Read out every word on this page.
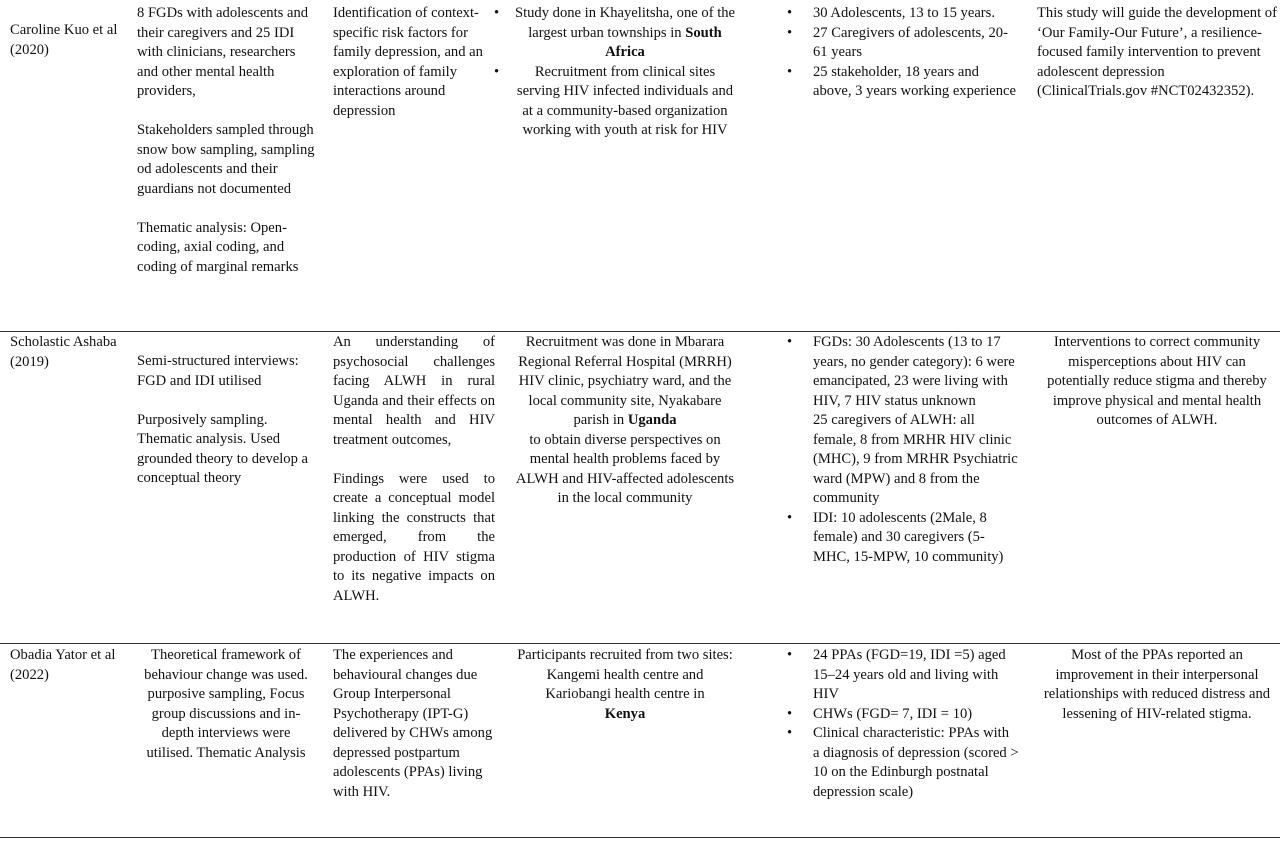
Caroline Kuo et al (2020)

8 FGDs with adolescents and their caregivers and 25 IDI with clinicians, researchers and other mental health providers,

Stakeholders sampled through snow bow sampling, sampling od adolescents and their guardians not documented

Thematic analysis: Open-coding, axial coding, and coding of marginal remarks

Identification of context-specific risk factors for family depression, and an exploration of family interactions around depression

• Study done in Khayelitsha, one of the largest urban townships in South Africa
• Recruitment from clinical sites serving HIV infected individuals and at a community-based organization working with youth at risk for HIV
• 30 Adolescents, 13 to 15 years.
• 27 Caregivers of adolescents, 20-61 years
• 25 stakeholder, 18 years and above, 3 years working experience

This study will guide the development of ‘Our Family-Our Future’, a resilience-focused family intervention to prevent adolescent depression (ClinicalTrials.gov #NCT02432352).

Scholastic Ashaba (2019)	Semi-structured interviews: FGD and IDI utilised

Purposively sampling. Thematic analysis. Used grounded theory to develop a conceptual theory

An understanding of psychosocial challenges facing ALWH in rural Uganda and their effects on mental health and HIV treatment outcomes,

Findings were used to create a conceptual model linking the constructs that emerged, from the production of HIV stigma to its negative impacts on ALWH.

Recruitment was done in Mbarara Regional Referral Hospital (MRRH) HIV clinic, psychiatry ward, and the local community site, Nyakabare parish in Uganda

to obtain diverse perspectives on

mental health problems faced by ALWH and HIV-affected adolescents in the local community

• FGDs: 30 Adolescents (13 to 17 years, no gender category): 6 were emancipated, 23 were living with HIV, 7 HIV status unknown
25 caregivers of ALWH: all female, 8 from MRHR HIV clinic (MHC), 9 from MRHR Psychiatric ward (MPW) and 8 from the community
• IDI: 10 adolescents (2Male, 8 female) and 30 caregivers (5-MHC, 15-MPW, 10 community)

Interventions to correct community misperceptions about HIV can potentially reduce stigma and thereby improve physical and mental health outcomes of ALWH.

Obadia Yator et al (2022)

Theoretical framework of behaviour change was used.

purposive sampling, Focus group discussions and in-depth interviews were utilised. Thematic Analysis

The experiences and behavioural changes due Group Interpersonal Psychotherapy (IPT-G) delivered by CHWs among depressed postpartum adolescents (PPAs) living with HIV.

Participants recruited from two sites: Kangemi health centre and Kariobangi health centre in
Kenya

• 24 PPAs (FGD=19, IDI =5) aged 15–24 years old and living with HIV
• CHWs (FGD= 7, IDI = 10)
• Clinical characteristic: PPAs with a diagnosis of depression (scored > 10 on the Edinburgh postnatal depression scale)

Most of the PPAs reported an improvement in their interpersonal relationships with reduced distress and lessening of HIV-related stigma.
